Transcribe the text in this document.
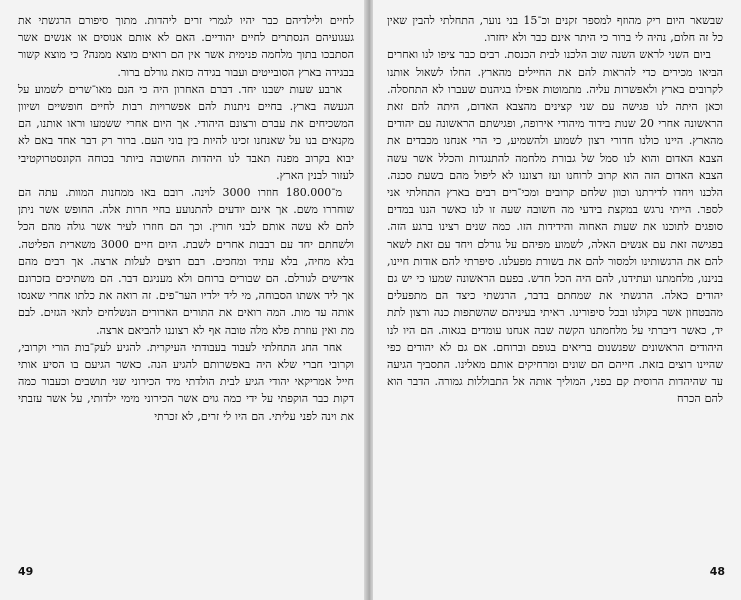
לחיים ולילדיהם כבר יהיו לגמרי זרים ליהדות. מתוך סיפורם הרגשתי את געגועיהם הנסתרים לחיים יהודיים. האם לא אותם אנוסים או אנשים אשר הסתבכו בתוך מלחמה פנימית אשר אין הם רואים מוצא ממנה? כי מוצא קשור בבגידה בארץ הסובייטים ועבור בגידה כזאת גורלם ברור.

ארבע שעות ישבנו יחד. דברם האחרון היה כי הנם מאו־שרים לשמוע על הגעשה בארץ. בחיים ניתנות להם אפשרויות רבות לחיים חופשיים ושיוון המשכיחים את עברם ורצונם היהודי. אך היום אחרי ששמעו וראו אותנו, הם מקנאים בנו על שאנחנו זכינו להיות בין בוני העם. ברור רק דבר אחד באם לא יבוא בקרוב מפנה תאבד לנו היהדות החשובה ביותר בכוחה הקונסטרוקטיבי לעזור לבנין הארץ.

מ־180.000 חוזרו 3000 לוינה. רובם באו ממחנות המוות. עתה הם שוחררו משם. אך אינם יודעים להתנועע בחיי חרות אלה. החופש אשר ניתן להם לא עשה אותם לבני חורין. וכך הם חוזרו לעיר אשר גולה מהם הכל ולשחתם יחד עם רבבות אחרים לשבת. היום חיים 3000 משארית הפליטה. בלא מחיה, בלא עתיד ומחכים. רבם רוצים לעלות ארצה. אך רבים מהם אדישים לגורלם. הם שבורים ברוחם ולא מעניגם דבר. הם משתיכים בזכרונם אך ליד אשתו הסבוחה, מי ליד ילדיו הער־פים. זה רואה את כלתו אחרי שאנסו אותה עד מות. המה רואים את התורים הארורים הנשלחים לתאי הגזים. לבם מת ואין עוזרת פלא מלה טובה אף לא רצוננו להביאם ארצה.

אחר החג התחלתי לעבוד בעבודתי העיקרית. להגיע לעק־בות הורי וקרובי, וקרובי חברי שלא היה באפשרותם להגיע הנה. כאשר הגיעם בו הסיע אותי חייל אמריקאי יהודי הגיע לבית הולדתי מיד הכירוני שני תושבים וכעבור כמה דקות כבר הוקפתי על ידי כמה גוים אשר הכירוני מימי ילדותי, על אשר עזבתי את וינה לפני עליתי. הם היו לי זרים, לא זכרתי

49

שבשאר היום ריק מהוזף למספר זקנים וכ־15 בני נוער, התחלתי להבין שאין כל זה חלום, נהיה לי ברור כי היתר אינם כבר ולא יחזרו.

ביום השני לראש השנה שוב הלכנו לבית הכנסת. רבים כבר ציפו לנו ואחרים הביאו מכירים כדי להראות להם את החיילים מהארץ. החלו לשאול אותנו לקרובים בארץ ולאפשרות עליה. מתמוטות אפילו בגיהנום שעברו לא התחסלה. וכאן היתה לנו פגישה עם שני קצינים מהצבא האדום, היתה להם זאת הראשונה אחרי 20 שנות בידוד מיהודי אירופה, ופגישתם הראשונה עם יהודים מהארץ. היינו כולנו חדורי רצון לשמוע ולהשמיע, כי הרי אנחנו מכבדים את הצבא האדום והוא לנו סמל של גבורת מלחמה להתנגדות והכלל אשר עשה הצבא האדום הזה הוא קרוב לרוחנו ועז רצוננו לא ליפול מהם בשעת סכנה. הלכנו ויחדו לדירתנו וכוון שלחם קרובים ומכי־רים רבים בארץ התחלתי אני לספר. הייתי נרגש במקצת בידעי מה חשובה שעה זו לנו כאשר הננו במדים סופגים לתוכנו את שעות האחוה והידידות הזו. כמה שנים רצינו ברגע הזה. בפגישה זאת עם אנשים האלה, לשמוע מפיהם על גורלם ויחד עם זאת לשאר להם את הרגשותינו ולמסור להם את בשורת מפעלנו. סיפרתי להם אודות חיינו, בניננו, מלחמתנו ועתידנו, להם היה הכל חדש. בפעם הראשונה שמעו כי יש גם יהודים כאלה. הרגשתי את שמחתם בדבר, הרגשתי כיצד הם מתפעלים מהבטחון אשר בקולנו ובכל סיפורינו. ראיתי בעיניהם שהשתפות כנה ורצון לתת יד, כאשר דיברתי על מלחמתנו הקשה שבה אנחנו עומדים בגאוה. הם היו לנו היהודים הראשונים שפגשנום בריאים בגופם וברוחם. אם גם לא יהודים כפי שהיינו רוצים בזאת. חייהם הם שונים ומרחיקים אותם מאלינו. התסביך הגיעה עד שהיהדות הרוסית קם בפני, המוליך אותה אל התבוללות גמורה. הדבר הוא להם הכרח

48
